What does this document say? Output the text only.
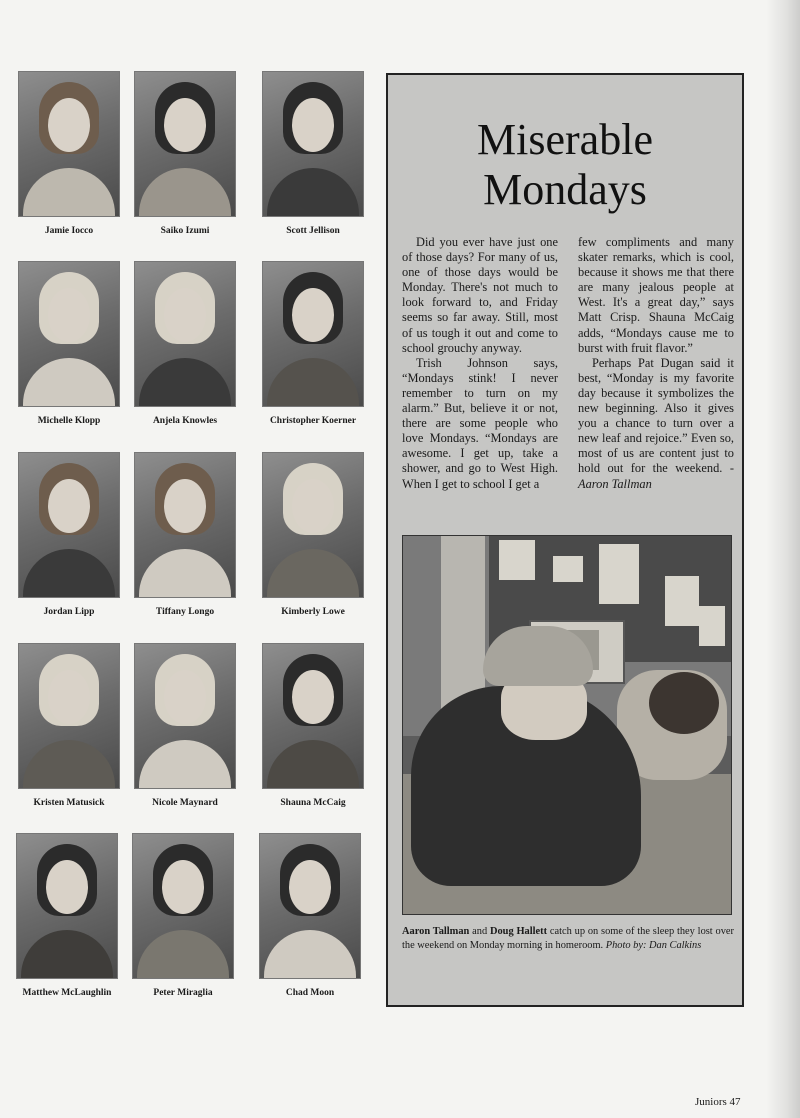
Jamie Iocco	Saiko Izumi	Scott Jellison
Michelle Klopp	Anjela Knowles	Christopher Koerner
Jordan Lipp	Tiffany Longo	Kimberly Lowe
Kristen Matusick	Nicole Maynard	Shauna McCaig
Matthew McLaughlin	Peter Miraglia	Chad Moon
Miserable
Mondays

Did you ever have just one of those days? For many of us, one of those days would be Monday. There's not much to look forward to, and Friday seems so far away. Still, most of us tough it out and come to school grouchy anyway.

Trish Johnson says, “Mondays stink! I never remember to turn on my alarm.” But, believe it or not, there are some people who love Mondays. “Mondays are awesome. I get up, take a shower, and go to West High. When I get to school I get a

few compliments and many skater remarks, which is cool, because it shows me that there are many jealous people at West. It's a great day,” says Matt Crisp. Shauna McCaig adds, “Mondays cause me to burst with fruit flavor.”

Perhaps Pat Dugan said it best, “Monday is my favorite day because it symbolizes the new beginning. Also it gives you a chance to turn over a new leaf and rejoice.” Even so, most of us are content just to hold out for the weekend. -Aaron Tallman

Aaron Tallman and Doug Hallett catch up on some of the sleep they lost over the weekend on Monday morning in homeroom. Photo by: Dan Calkins
Juniors 47
